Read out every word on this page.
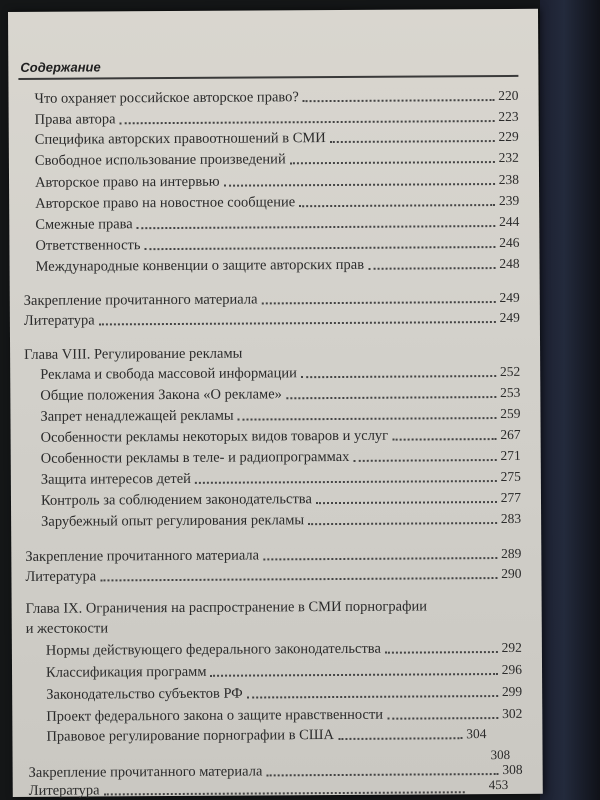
Содержание
Что охраняет российское авторское право?	220
Права автора	223
Специфика авторских правоотношений в СМИ	229
Свободное использование произведений	232
Авторское право на интервью	238
Авторское право на новостное сообщение	239
Смежные права	244
Ответственность	246
Международные конвенции о защите авторских прав	248
Закрепление прочитанного материала	249
Литература	249
Глава VIII. Регулирование рекламы
Реклама и свобода массовой информации	252
Общие положения Закона «О рекламе»	253
Запрет ненадлежащей рекламы	259
Особенности рекламы некоторых видов товаров и услуг	267
Особенности рекламы в теле- и радиопрограммах	271
Защита интересов детей	275
Контроль за соблюдением законодательства	277
Зарубежный опыт регулирования рекламы	283
Закрепление прочитанного материала	289
Литература	290
Глава IX. Ограничения на распространение в СМИ порнографии
и жестокости
Нормы действующего федерального законодательства	292
Классификация программ	296
Законодательство субъектов РФ	299
Проект федерального закона о защите нравственности	302
Правовое регулирование порнографии в США	304
308
Закрепление прочитанного материала	308
Литература	453
